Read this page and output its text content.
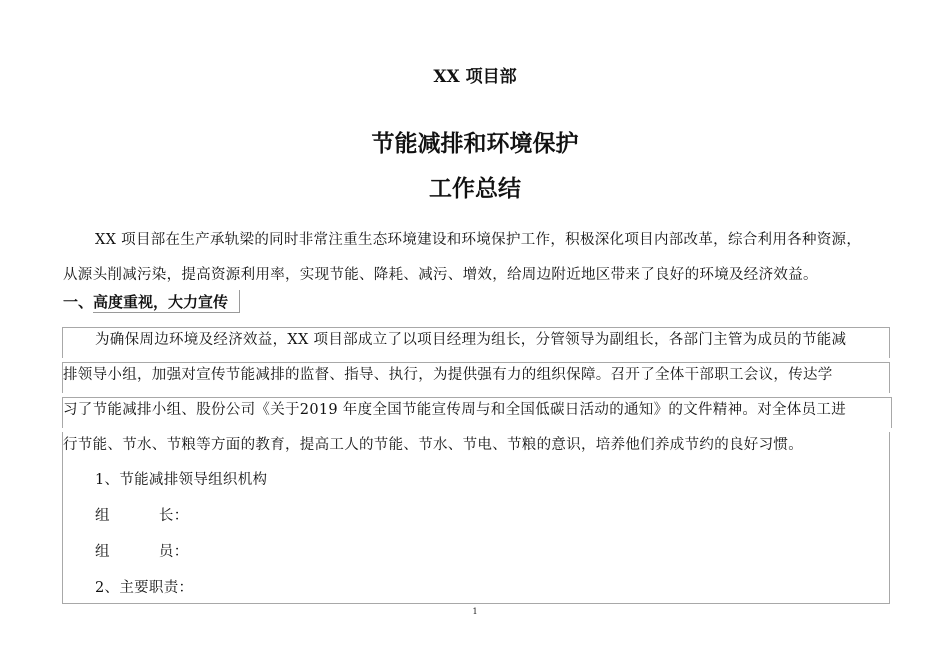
XX 项目部
节能减排和环境保护
工作总结
XX 项目部在生产承轨梁的同时非常注重生态环境建设和环境保护工作，积极深化项目内部改革，综合利用各种资源，
从源头削减污染，提高资源利用率，实现节能、降耗、减污、增效，给周边附近地区带来了良好的环境及经济效益。
一、高度重视，大力宣传
为确保周边环境及经济效益，XX 项目部成立了以项目经理为组长，分管领导为副组长，各部门主管为成员的节能减
排领导小组，加强对宣传节能减排的监督、指导、执行，为提供强有力的组织保障。召开了全体干部职工会议，传达学
习了节能减排小组、股份公司《关于2019 年度全国节能宣传周与和全国低碳日活动的通知》的文件精神。对全体员工进
行节能、节水、节粮等方面的教育，提高工人的节能、节水、节电、节粮的意识，培养他们养成节约的良好习惯。
1、节能减排领导组织机构
组          长：
组          员：
2、主要职责：
1
